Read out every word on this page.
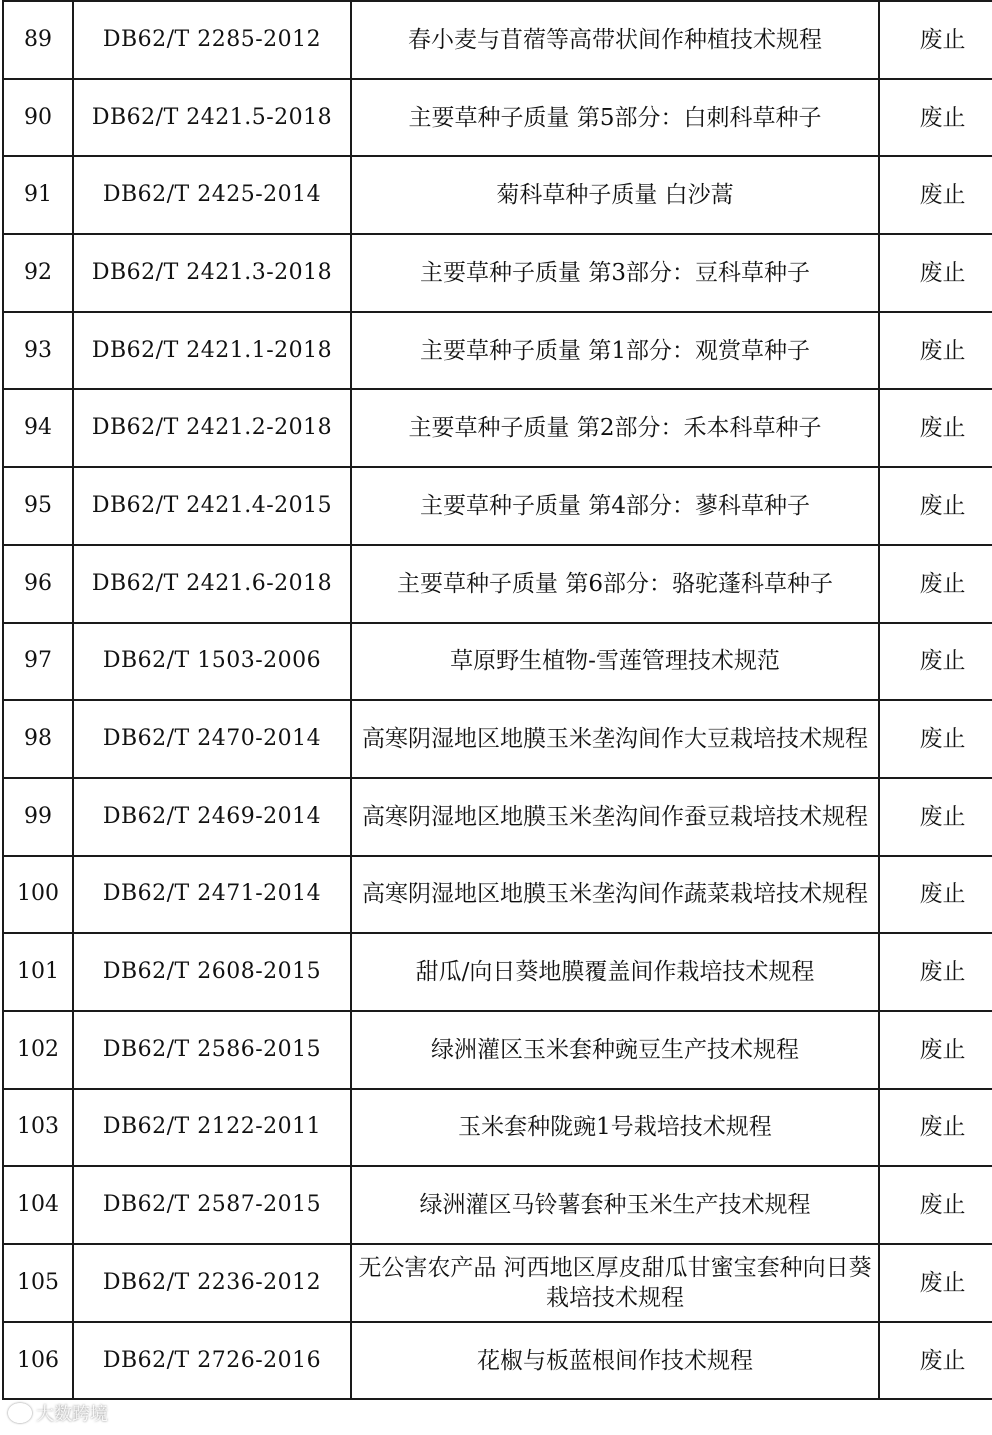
89	DB62/T 2285-2012	春小麦与苜蓿等高带状间作种植技术规程	废止
90	DB62/T 2421.5-2018	主要草种子质量 第5部分：白刺科草种子	废止
91	DB62/T 2425-2014	菊科草种子质量 白沙蒿	废止
92	DB62/T 2421.3-2018	主要草种子质量 第3部分：豆科草种子	废止
93	DB62/T 2421.1-2018	主要草种子质量 第1部分：观赏草种子	废止
94	DB62/T 2421.2-2018	主要草种子质量 第2部分：禾本科草种子	废止
95	DB62/T 2421.4-2015	主要草种子质量 第4部分：蓼科草种子	废止
96	DB62/T 2421.6-2018	主要草种子质量 第6部分：骆驼蓬科草种子	废止
97	DB62/T 1503-2006	草原野生植物-雪莲管理技术规范	废止
98	DB62/T 2470-2014	高寒阴湿地区地膜玉米垄沟间作大豆栽培技术规程	废止
99	DB62/T 2469-2014	高寒阴湿地区地膜玉米垄沟间作蚕豆栽培技术规程	废止
100	DB62/T 2471-2014	高寒阴湿地区地膜玉米垄沟间作蔬菜栽培技术规程	废止
101	DB62/T 2608-2015	甜瓜/向日葵地膜覆盖间作栽培技术规程	废止
102	DB62/T 2586-2015	绿洲灌区玉米套种豌豆生产技术规程	废止
103	DB62/T 2122-2011	玉米套种陇豌1号栽培技术规程	废止
104	DB62/T 2587-2015	绿洲灌区马铃薯套种玉米生产技术规程	废止
105	DB62/T 2236-2012	无公害农产品 河西地区厚皮甜瓜甘蜜宝套种向日葵栽培技术规程	废止
106	DB62/T 2726-2016	花椒与板蓝根间作技术规程	废止
大数跨境
